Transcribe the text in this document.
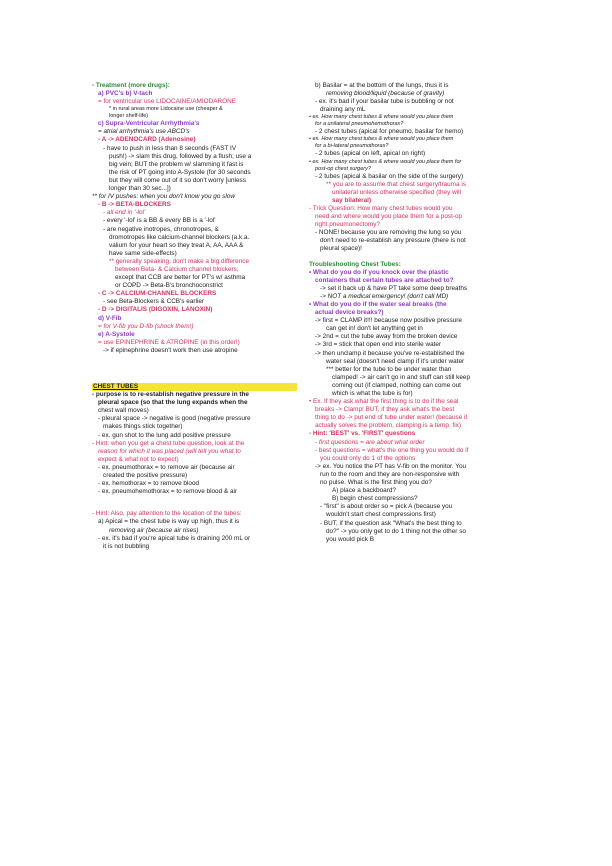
- Treatment (more drugs):
a) PVC's b) V-tach
= for ventricular use LIDOCAINE/AMIODARONE
* in rural areas more Lidocaine use (cheaper &
longer shelf-life)
c) Supra-Ventricular Arrhythmia's
= atrial arrhythmia's use ABCD's
- A -> ADENOCARD (Adenosine)
- have to push in less than 8 seconds (FAST IV
push!) -> slam this drug, followed by a flush; use a
big vein; BUT the problem w/ slamming it fast is
the risk of PT going into A-Systole (for 30 seconds
but they will come out of it so don't worry [unless
longer than 30 sec...])
** for IV pushes: when you don't know you go slow
- B -> BETA-BLOCKERS
- all end in '-lol'
- every '-lol' is a BB & every BB is a '-lol'
- are negative inotropes, chronotropes, &
dromotropes like calcium-channel blockers (a.k.a.
valium for your heart so they treat A, AA, AAA &
have same side-effects)
** generally speaking, don't make a big difference
between Beta- & Calcium channel blockers;
except that CCB are better for PT's w/ asthma
or COPD -> Beta-B's bronchoconstrict
- C -> CALCIUM-CHANNEL BLOCKERS
- see Beta-Blockers & CCB's earlier
- D -> DIGITALIS (DIGOXIN, LANOXIN)
d) V-Fib
= for V-fib you D-fib (shock them!)
e) A-Systole
= use EPINEPHRINE & ATROPINE (in this order!)
-> if epinephrine doesn't work then use atropine
CHEST TUBES
- purpose is to re-establish negative pressure in the
pleural space (so that the lung expands when the
chest wall moves)
- pleural space -> negative is good (negative pressure
makes things stick together)
- ex. gun shot to the lung add positive pressure
- Hint: when you get a chest tube question, look at the
reason for which it was placed (will tell you what to
expect & what not to expect)
- ex. pneumothorax = to remove air (because air
created the positive pressure)
- ex. hemothorax = to remove blood
- ex. pneumohemothorax = to remove blood & air
- Hint: Also, pay attention to the location of the tubes:
a) Apical = the chest tube is way up high, thus it is
removing air (because air rises)
- ex. it's bad if you're apical tube is draining 200 mL or
it is not bubbling
b) Basilar = at the bottom of the lungs, thus it is
removing blood/liquid (because of gravity)
- ex. it's bad if your basilar tube is bubbling or not
draining any mL
• ex. How many chest tubes & where would you place them
for a unilateral pneumohemothorax?
- 2 chest tubes (apical for pneumo, basilar for hemo)
• ex. How many chest tubes & where would you place them
for a bi-lateral pneumothorax?
- 2 tubes (apical on left, apical on right)
• ex. How many chest tubes & where would you place them for
post-op chest surgery?
- 2 tubes (apical & basilar on the side of the surgery)
** you are to assume that chest surgery/trauma is
unilateral unless otherwise specified (they will
say bilateral)
- Trick Question: How many chest tubes would you
need and where would you place them for a post-op
right pneumonectomy?
- NONE! because you are removing the lung so you
don't need to re-establish any pressure (there is not
pleural space)!
Troubleshooting Chest Tubes:
• What do you do if you knock over the plastic
containers that certain tubes are attached to?
-> set it back up & have PT take some deep breaths
-> NOT a medical emergency! (don't call MD)
• What do you do if the water seal breaks (the
actual device breaks?)
-> first = CLAMP it!!! because now positive pressure
can get in! don't let anything get in
-> 2nd = cut the tube away from the broken device
-> 3rd = stick that open end into sterile water
-> then unclamp it because you've re-established the
water seal (doesn't need clamp if it's under water
*** better for the tube to be under water than
clamped! -> air can't go in and stuff can still keep
coming out (if clamped, nothing can come out
which is what the tube is for)
• Ex. If they ask what the first thing is to do if the seal
breaks -> Clamp! BUT, if they ask what's the best
thing to do -> put end of tube under water! (because it
actually solves the problem, clamping is a temp. fix)
- Hint: 'BEST' vs. 'FIRST' questions
- first questions = are about what order
- best questions = what's the one thing you would do if
you could only do 1 of the options
-> ex. You notice the PT has V-fib on the monitor. You
run to the room and they are non-responsive with
no pulse. What is the first thing you do?
A) place a backboard?
B) begin chest compressions?
- "first" is about order so = pick A (because you
wouldn't start chest compressions first)
- BUT, if the question ask "What's the best thing to
do?" -> you only get to do 1 thing not the other so
you would pick B
